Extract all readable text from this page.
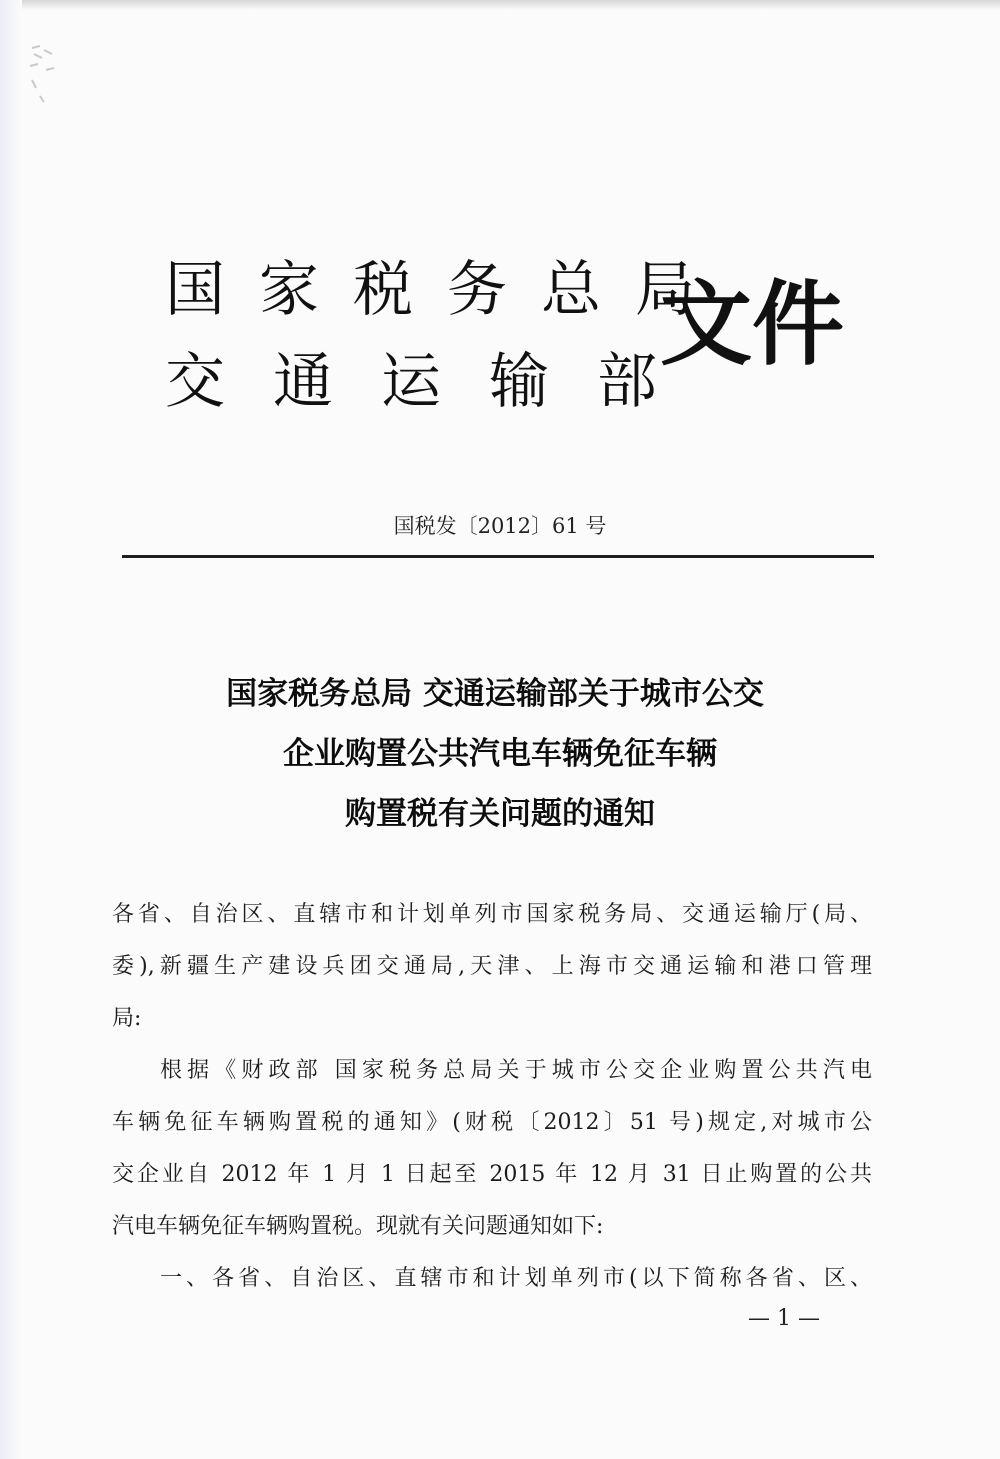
国家税务总局
交通运输部
文件
国税发〔2012〕61 号
国家税务总局 交通运输部关于城市公交
企业购置公共汽电车辆免征车辆
购置税有关问题的通知
各省、自治区、直辖市和计划单列市国家税务局、交通运输厅(局、
委),新疆生产建设兵团交通局,天津、上海市交通运输和港口管理
局:
根据《财政部 国家税务总局关于城市公交企业购置公共汽电
车辆免征车辆购置税的通知》(财税〔2012〕51 号)规定,对城市公
交企业自 2012 年 1 月 1 日起至 2015 年 12 月 31 日止购置的公共
汽电车辆免征车辆购置税。现就有关问题通知如下:
一、各省、自治区、直辖市和计划单列市(以下简称各省、区、
— 1 —
